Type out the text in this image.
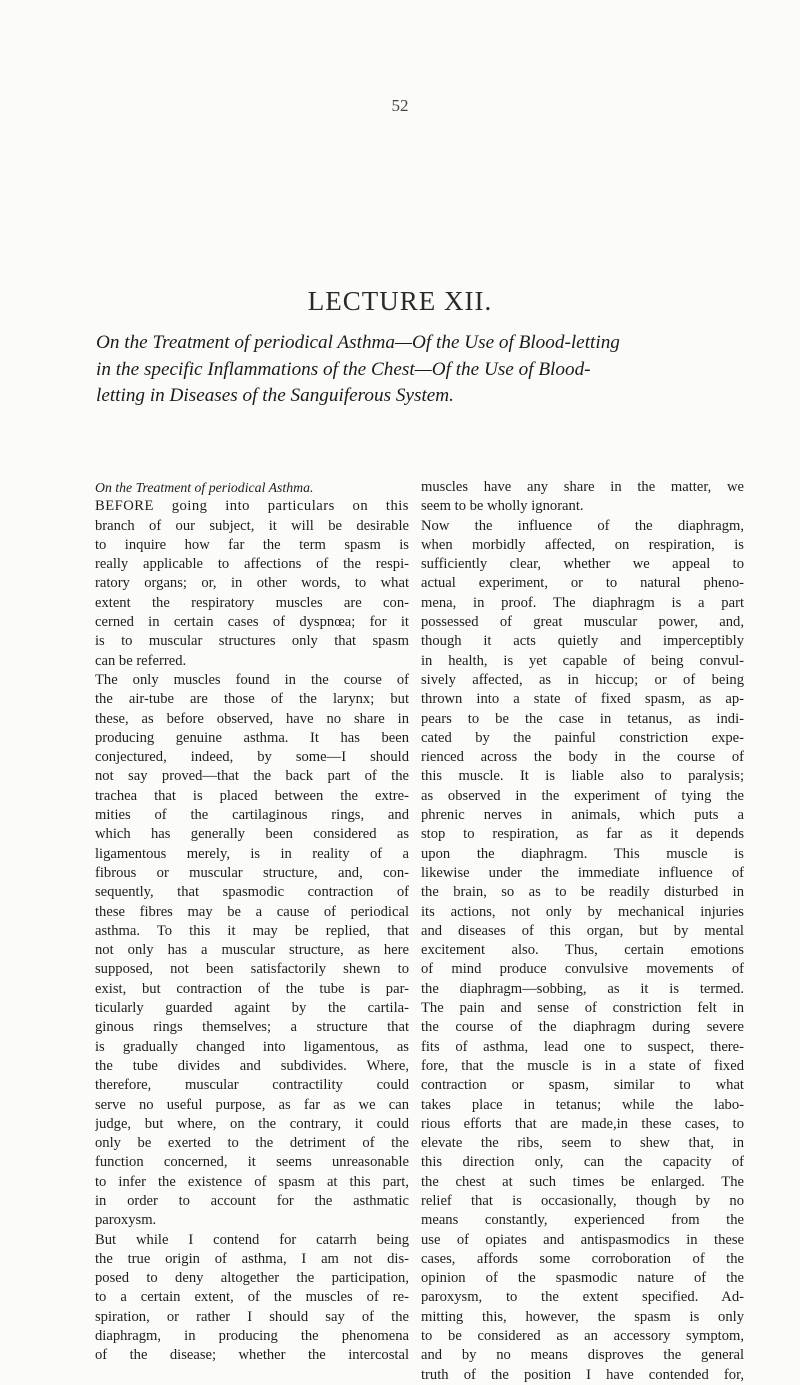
52
LECTURE XII.
On the Treatment of periodical Asthma—Of the Use of Blood-letting
in the specific Inflammations of the Chest—Of the Use of Blood-
letting in Diseases of the Sanguiferous System.
On the Treatment of periodical Asthma.
BEFORE going into particulars on this
branch of our subject, it will be desirable
to inquire how far the term spasm is
really applicable to affections of the respi-
ratory organs; or, in other words, to what
extent the respiratory muscles are con-
cerned in certain cases of dyspnœa; for it
is to muscular structures only that spasm
can be referred.
The only muscles found in the course of
the air-tube are those of the larynx; but
these, as before observed, have no share in
producing genuine asthma. It has been
conjectured, indeed, by some—I should
not say proved—that the back part of the
trachea that is placed between the extre-
mities of the cartilaginous rings, and
which has generally been considered as
ligamentous merely, is in reality of a
fibrous or muscular structure, and, con-
sequently, that spasmodic contraction of
these fibres may be a cause of periodical
asthma. To this it may be replied, that
not only has a muscular structure, as here
supposed, not been satisfactorily shewn to
exist, but contraction of the tube is par-
ticularly guarded againt by the cartila-
ginous rings themselves; a structure that
is gradually changed into ligamentous, as
the tube divides and subdivides. Where,
therefore, muscular contractility could
serve no useful purpose, as far as we can
judge, but where, on the contrary, it could
only be exerted to the detriment of the
function concerned, it seems unreasonable
to infer the existence of spasm at this part,
in order to account for the asthmatic
paroxysm.
But while I contend for catarrh being
the true origin of asthma, I am not dis-
posed to deny altogether the participation,
to a certain extent, of the muscles of re-
spiration, or rather I should say of the
diaphragm, in producing the phenomena
of the disease; whether the intercostal
muscles have any share in the matter, we
seem to be wholly ignorant.
Now the influence of the diaphragm,
when morbidly affected, on respiration, is
sufficiently clear, whether we appeal to
actual experiment, or to natural pheno-
mena, in proof. The diaphragm is a part
possessed of great muscular power, and,
though it acts quietly and imperceptibly
in health, is yet capable of being convul-
sively affected, as in hiccup; or of being
thrown into a state of fixed spasm, as ap-
pears to be the case in tetanus, as indi-
cated by the painful constriction expe-
rienced across the body in the course of
this muscle. It is liable also to paralysis;
as observed in the experiment of tying the
phrenic nerves in animals, which puts a
stop to respiration, as far as it depends
upon the diaphragm. This muscle is
likewise under the immediate influence of
the brain, so as to be readily disturbed in
its actions, not only by mechanical injuries
and diseases of this organ, but by mental
excitement also. Thus, certain emotions
of mind produce convulsive movements of
the diaphragm—sobbing, as it is termed.
The pain and sense of constriction felt in
the course of the diaphragm during severe
fits of asthma, lead one to suspect, there-
fore, that the muscle is in a state of fixed
contraction or spasm, similar to what
takes place in tetanus; while the labo-
rious efforts that are made,in these cases, to
elevate the ribs, seem to shew that, in
this direction only, can the capacity of
the chest at such times be enlarged. The
relief that is occasionally, though by no
means constantly, experienced from the
use of opiates and antispasmodics in these
cases, affords some corroboration of the
opinion of the spasmodic nature of the
paroxysm, to the extent specified. Ad-
mitting this, however, the spasm is only
to be considered as an accessory symptom,
and by no means disproves the general
truth of the position I have contended for,
